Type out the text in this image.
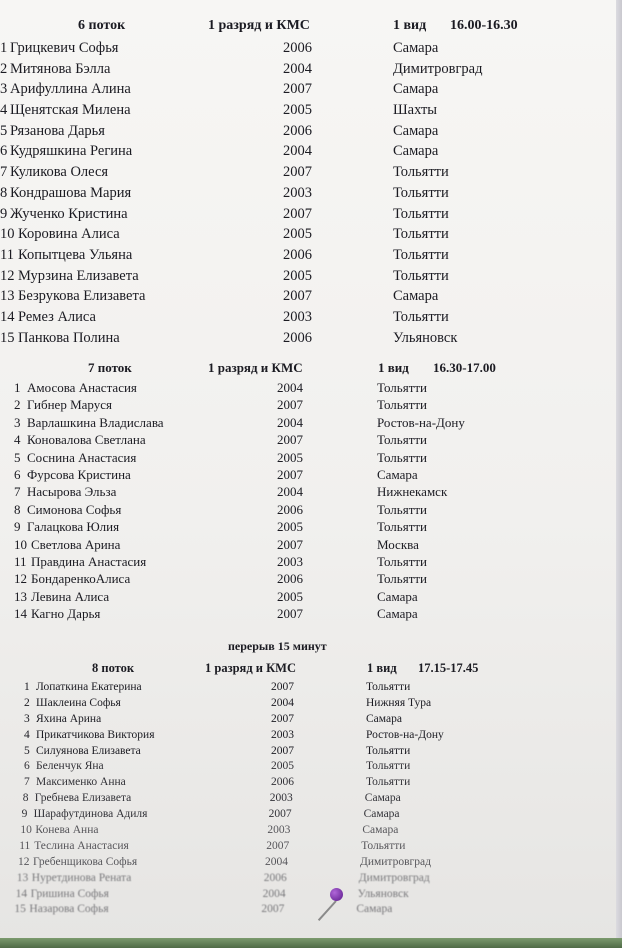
6 поток	1 разряд и КМС	1 вид 16.00-16.30
1 Грицкевич Софья	2006	Самара
2 Митянова Бэлла	2004	Димитровград
3 Арифуллина Алина	2007	Самара
4 Щенятская Милена	2005	Шахты
5 Рязанова Дарья	2006	Самара
6 Кудряшкина Регина	2004	Самара
7 Куликова Олеся	2007	Тольятти
8 Кондрашова Мария	2003	Тольятти
9 Жученко Кристина	2007	Тольятти
10 Коровина Алиса	2005	Тольятти
11 Копытцева Ульяна	2006	Тольятти
12 Мурзина Елизавета	2005	Тольятти
13 Безрукова Елизавета	2007	Самара
14 Ремез Алиса	2003	Тольятти
15 Панкова Полина	2006	Ульяновск
7 поток	1 разряд и КМС	1 вид 16.30-17.00
1 Амосова Анастасия	2004	Тольятти
2 Гибнер Маруся	2007	Тольятти
3 Варлашкина Владислава	2004	Ростов-на-Дону
4 Коновалова Светлана	2007	Тольятти
5 Соснина Анастасия	2005	Тольятти
6 Фурсова Кристина	2007	Самара
7 Насырова Эльза	2004	Нижнекамск
8 Симонова Софья	2006	Тольятти
9 Галацкова Юлия	2005	Тольятти
10 Светлова Арина	2007	Москва
11 Правдина Анастасия	2003	Тольятти
12 БондаренкоАлиса	2006	Тольятти
13 Левина Алиса	2005	Самара
14 Кагно Дарья	2007	Самара
перерыв 15 минут
8 поток	1 разряд и КМС	1 вид 17.15-17.45
1 Лопаткина Екатерина	2007	Тольятти
2 Шаклеина Софья	2004	Нижняя Тура
3 Яхина Арина	2007	Самара
4 Прикатчикова Виктория	2003	Ростов-на-Дону
5 Силуянова Елизавета	2007	Тольятти
6 Беленчук Яна	2005	Тольятти
7 Максименко Анна	2006	Тольятти
8 Гребнева Елизавета	2003	Самара
9 Шарафутдинова Адиля	2007	Самара
10 Конева Анна	2003	Самара
11 Теслина Анастасия	2007	Тольятти
12 Гребенщикова Софья	2004	Димитровград
13 Нуретдинова Рената	2006	Димитровград
14 Гришина Софья	2004	Ульяновск
15 Назарова Софья	2007	Самара
